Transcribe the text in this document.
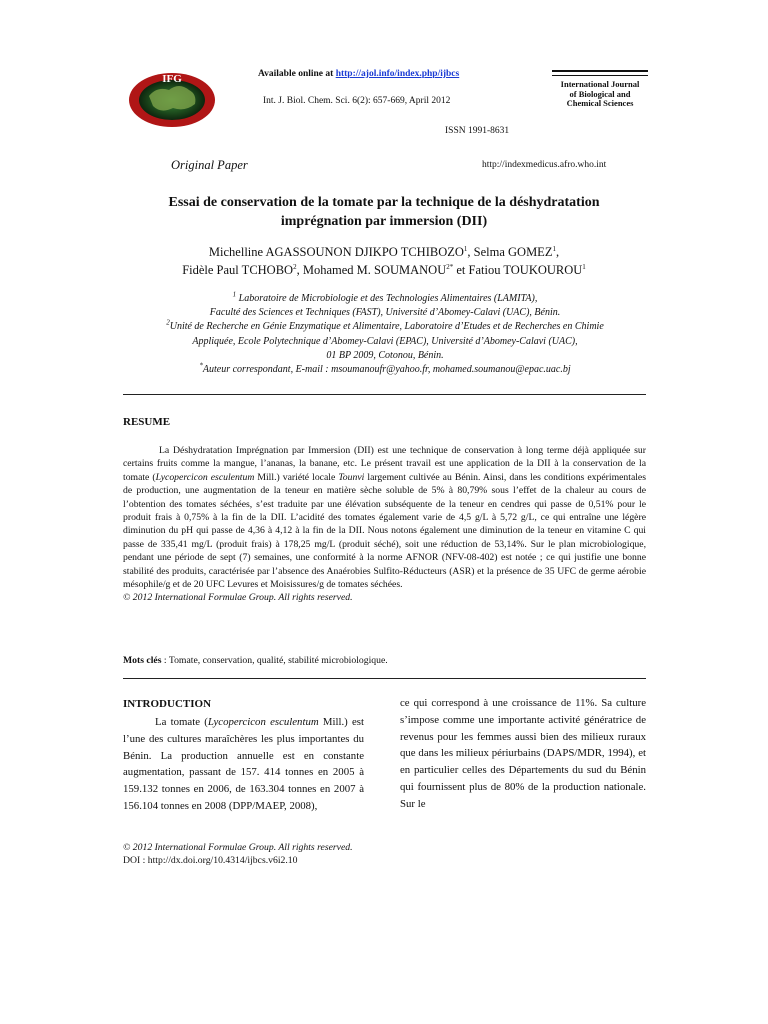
IFG	International Journal
of Biological and
Chemical Sciences
Available online at http://ajol.info/index.php/ijbcs
Int. J. Biol. Chem. Sci. 6(2): 657-669, April 2012
ISSN 1991-8631
Original Paper	http://indexmedicus.afro.who.int
Essai de conservation de la tomate par la technique de la déshydratation
imprégnation par immersion (DII)
Michelline AGASSOUNON DJIKPO TCHIBOZO$^1$, Selma GOMEZ$^1$,
Fidèle Paul TCHOBO$^2$, Mohamed M. $SOUMANOU^{2*}$ et Fatiou TOUKOUROU$^1$
$^1$ Laboratoire de Microbiologie et des Technologies Alimentaires (LAMITA),
Faculté des Sciences et Techniques (FAST), Université d’Abomey-Calavi (UAC), Bénin.
$^2$Unité de Recherche en Génie Enzymatique et Alimentaire, Laboratoire d’Etudes et de Recherches en Chimie
Appliquée, Ecole Polytechnique d’Abomey-Calavi (EPAC), Université d’Abomey-Calavi (UAC),
01 BP 2009, Cotonou, Bénin.
*Auteur correspondant, E-mail : msoumanoufr@yahoo.fr, mohamed.soumanou@epac.uac.bj
RESUME

La Déshydratation Imprégnation par Immersion (DII) est une technique de conservation à long terme déjà appliquée sur certains fruits comme la mangue, l’ananas, la banane, etc. Le présent travail est une application de la DII à la conservation de la tomate (Lycopercicon esculentum Mill.) variété locale Tounvi largement cultivée au Bénin. Ainsi, dans les conditions expérimentales de production, une augmentation de la teneur en matière sèche soluble de 5% à 80,79% sous l’effet de la chaleur au cours de l’obtention des tomates séchées, s’est traduite par une élévation subséquente de la teneur en cendres qui passe de 0,51% pour le produit frais à 0,75% à la fin de la DII. L’acidité des tomates également varie de 4,5 g/L à 5,72 g/L, ce qui entraîne une légère diminution du pH qui passe de 4,36 à 4,12 à la fin de la DII. Nous notons également une diminution de la teneur en vitamine C qui passe de 335,41 mg/L (produit frais) à 178,25 mg/L (produit séché), soit une réduction de 53,14%. Sur le plan microbiologique, pendant une période de sept (7) semaines, une conformité à la norme AFNOR (NFV-08-402) est notée ; ce qui justifie une bonne stabilité des produits, caractérisée par l’absence des Anaérobies Sulfito-Réducteurs (ASR) et la présence de 35 UFC de germe aérobie mésophile/g et de 20 UFC Levures et Moisissures/g de tomates séchées.

© 2012 International Formulae Group. All rights reserved.

Mots clés : Tomate, conservation, qualité, stabilité microbiologique.
INTRODUCTION

La tomate (Lycopercicon esculentum Mill.) est l’une des cultures maraîchères les plus importantes du Bénin. La production annuelle est en constante augmentation, passant de 157. 414 tonnes en 2005 à 159.132 tonnes en 2006, de 163.304 tonnes en 2007 à 156.104 tonnes en 2008 (DPP/MAEP, 2008),

ce qui correspond à une croissance de 11%. Sa culture s’impose comme une importante activité génératrice de revenus pour les femmes aussi bien des milieux ruraux que dans les milieux périurbains (DAPS/MDR, 1994), et en particulier celles des Départements du sud du Bénin qui fournissent plus de 80% de la production nationale. Sur le

© 2012 International Formulae Group. All rights reserved.
DOI : http://dx.doi.org/10.4314/ijbcs.v6i2.10
